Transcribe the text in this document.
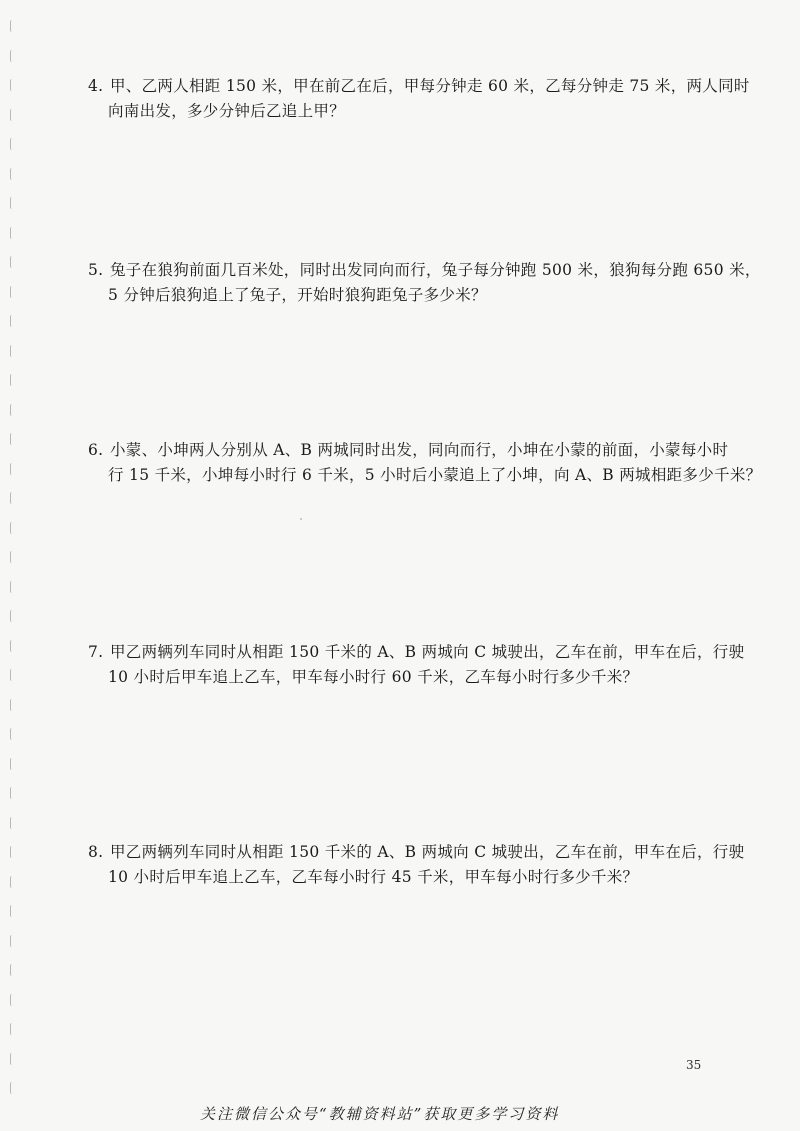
4. 甲、乙两人相距 150 米，甲在前乙在后，甲每分钟走 60 米，乙每分钟走 75 米，两人同时
向南出发，多少分钟后乙追上甲？
5. 兔子在狼狗前面几百米处，同时出发同向而行，兔子每分钟跑 500 米，狼狗每分跑 650 米，
5 分钟后狼狗追上了兔子，开始时狼狗距兔子多少米？
6. 小蒙、小坤两人分别从 A、B 两城同时出发，同向而行，小坤在小蒙的前面，小蒙每小时
行 15 千米，小坤每小时行 6 千米，5 小时后小蒙追上了小坤，向 A、B 两城相距多少千米？
7. 甲乙两辆列车同时从相距 150 千米的 A、B 两城向 C 城驶出，乙车在前，甲车在后，行驶
10 小时后甲车追上乙车，甲车每小时行 60 千米，乙车每小时行多少千米？
8. 甲乙两辆列车同时从相距 150 千米的 A、B 两城向 C 城驶出，乙车在前，甲车在后，行驶
10 小时后甲车追上乙车，乙车每小时行 45 千米，甲车每小时行多少千米？
35
关注微信公众号“教辅资料站”获取更多学习资料
